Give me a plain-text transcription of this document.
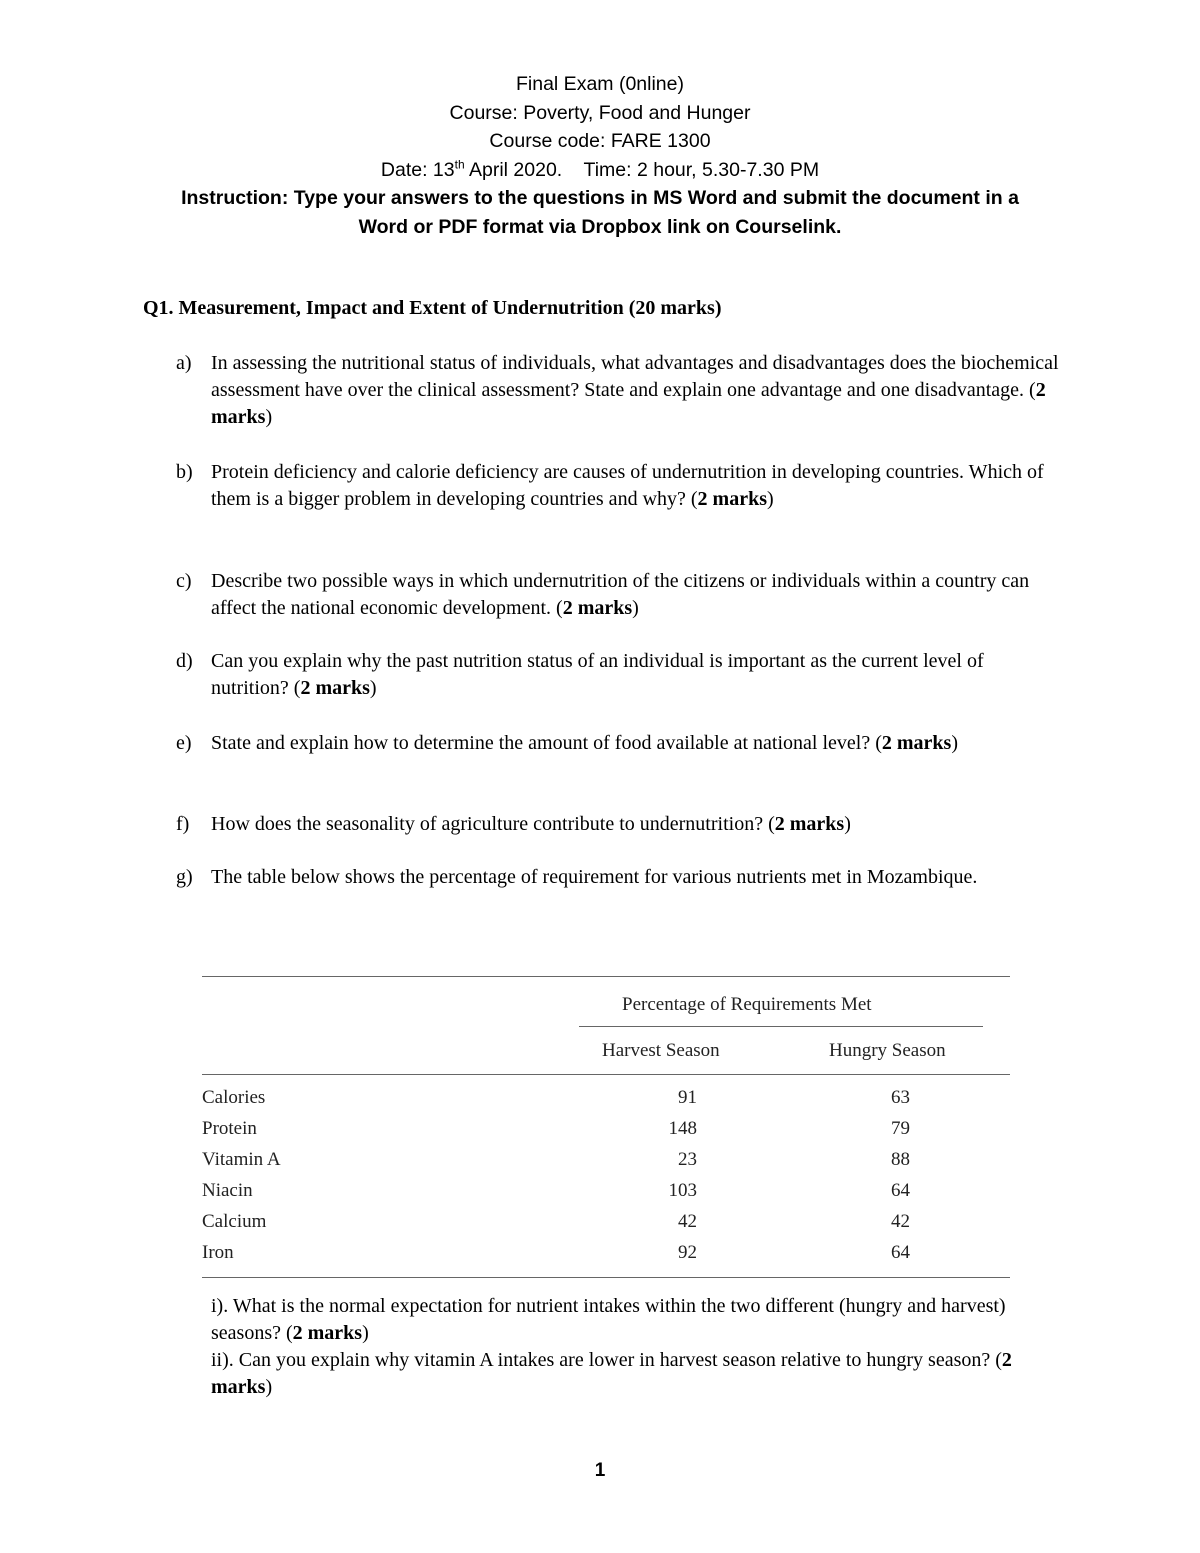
Final Exam (0nline)
Course: Poverty, Food and Hunger
Course code: FARE 1300
Date: 13th April 2020.    Time: 2 hour, 5.30-7.30 PM
Instruction: Type your answers to the questions in MS Word and submit the document in a
Word or PDF format via Dropbox link on Courselink.
Q1. Measurement, Impact and Extent of Undernutrition (20 marks)
a) In assessing the nutritional status of individuals, what advantages and disadvantages does the biochemical assessment have over the clinical assessment? State and explain one advantage and one disadvantage. (2 marks)
b) Protein deficiency and calorie deficiency are causes of undernutrition in developing countries. Which of them is a bigger problem in developing countries and why? (2 marks)
c) Describe two possible ways in which undernutrition of the citizens or individuals within a country can affect the national economic development. (2 marks)
d) Can you explain why the past nutrition status of an individual is important as the current level of nutrition? (2 marks)
e) State and explain how to determine the amount of food available at national level? (2 marks)
f)	How does the seasonality of agriculture contribute to undernutrition? (2 marks)
g) The table below shows the percentage of requirement for various nutrients met in Mozambique.
Percentage of Requirements Met
Harvest Season	Hungry Season
Calories	91	63
Protein	148	79
Vitamin A	23	88
Niacin	103	64
Calcium	42	42
Iron	92	64
i). What is the normal expectation for nutrient intakes within the two different (hungry and harvest) seasons? (2 marks)
ii). Can you explain why vitamin A intakes are lower in harvest season relative to hungry season? (2 marks)
1
